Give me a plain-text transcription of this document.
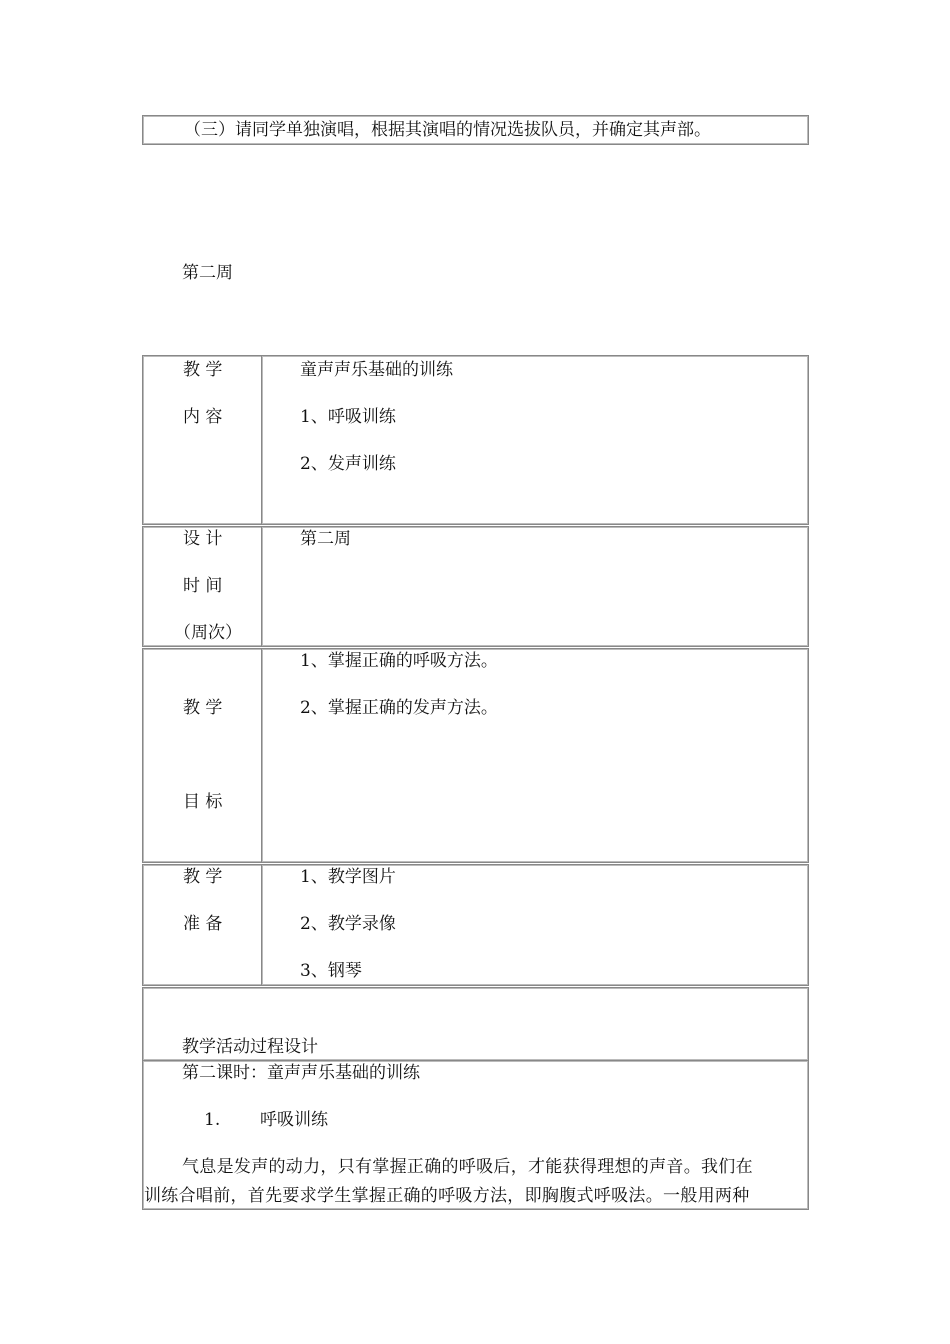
（三）请同学单独演唱，根据其演唱的情况选拔队员，并确定其声部。
第二周
教 学
内 容
童声声乐基础的训练
1、呼吸训练
2、发声训练
设 计
时 间
（周次）
第二周
教 学
目 标
1、掌握正确的呼吸方法。
2、掌握正确的发声方法。
教 学
准 备
1、教学图片
2、教学录像
3、钢琴
教学活动过程设计
第二课时：童声声乐基础的训练
1. 呼吸训练
气息是发声的动力，只有掌握正确的呼吸后，才能获得理想的声音。我们在
训练合唱前，首先要求学生掌握正确的呼吸方法，即胸腹式呼吸法。一般用两种
